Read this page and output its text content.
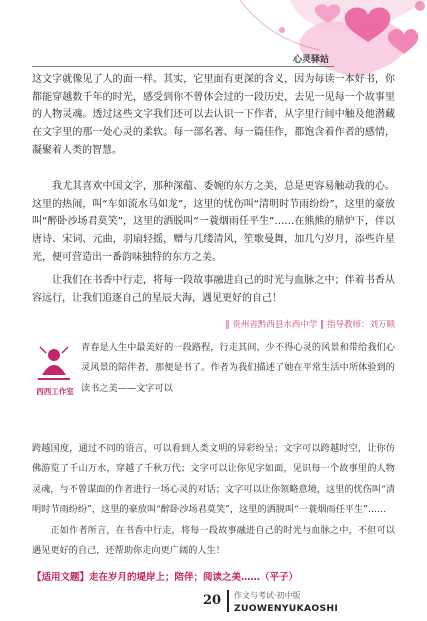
心灵驿站

这文字就像见了人的面一样。其实，它里面有更深的含义，因为每读一本好书，你都能穿越数千年的时光，感受到你不曾体会过的一段历史，去见一见每一个故事里的人物灵魂。透过这些文字我们还可以去认识一下作者，从字里行间中触及他潜藏在文字里的那一处心灵的柔软。每一部名著、每一篇佳作，都饱含着作者的感情，凝聚着人类的智慧。

我尤其喜欢中国文字，那种深蕴、委婉的东方之美，总是更容易触动我的心。这里的热闹，叫“车如流水马如龙”，这里的忧伤叫“清明时节雨纷纷”，这里的豪放叫“醉卧沙场君莫笑”，这里的洒脱叫“一蓑烟雨任平生”……在熊熊的鼎炉下，伴以唐诗、宋词、元曲，羽扇轻摇，赠与几缕清风，笙歌曼舞，加几勺岁月，添些许星光，便可营造出一番韵味独特的东方之美。

让我们在书香中行走，将每一段故事融进自己的时光与血脉之中；伴着书香从容远行，让我们追逐自己的星辰大海，遇见更好的自己！

‖ 贵州省黔西县水西中学 ‖ 指导教师：刘万顺
西西工作室

青春是人生中最美好的一段路程，行走其间，少不得心灵的风景和带给我们心灵风景的陪伴者，那便是书了。作者为我们描述了她在平常生活中所体验到的读书之美——文字可以

跨越国度，通过不同的语言，可以看到人类文明的异彩纷呈；文字可以跨越时空，让你仿佛游览了千山万水，穿越了千秋万代；文字可以让你见字如面，见识每一个故事里的人物灵魂，与不曾谋面的作者进行一场心灵的对话；文字可以让你领略意境，这里的忧伤叫“清明时节雨纷纷”，这里的豪放叫“醉卧沙场君莫笑”，这里的洒脱叫“一蓑烟雨任平生”……

正如作者所言，在书香中行走，将每一段故事融进自己的时光与血脉之中，不但可以遇见更好的自己，还帮助你走向更广阔的人生！

【适用文题】走在岁月的堤岸上；陪伴；阅读之美……（平子）
20 作文与考试·初中版
ZUOWENYUKAOSHI
